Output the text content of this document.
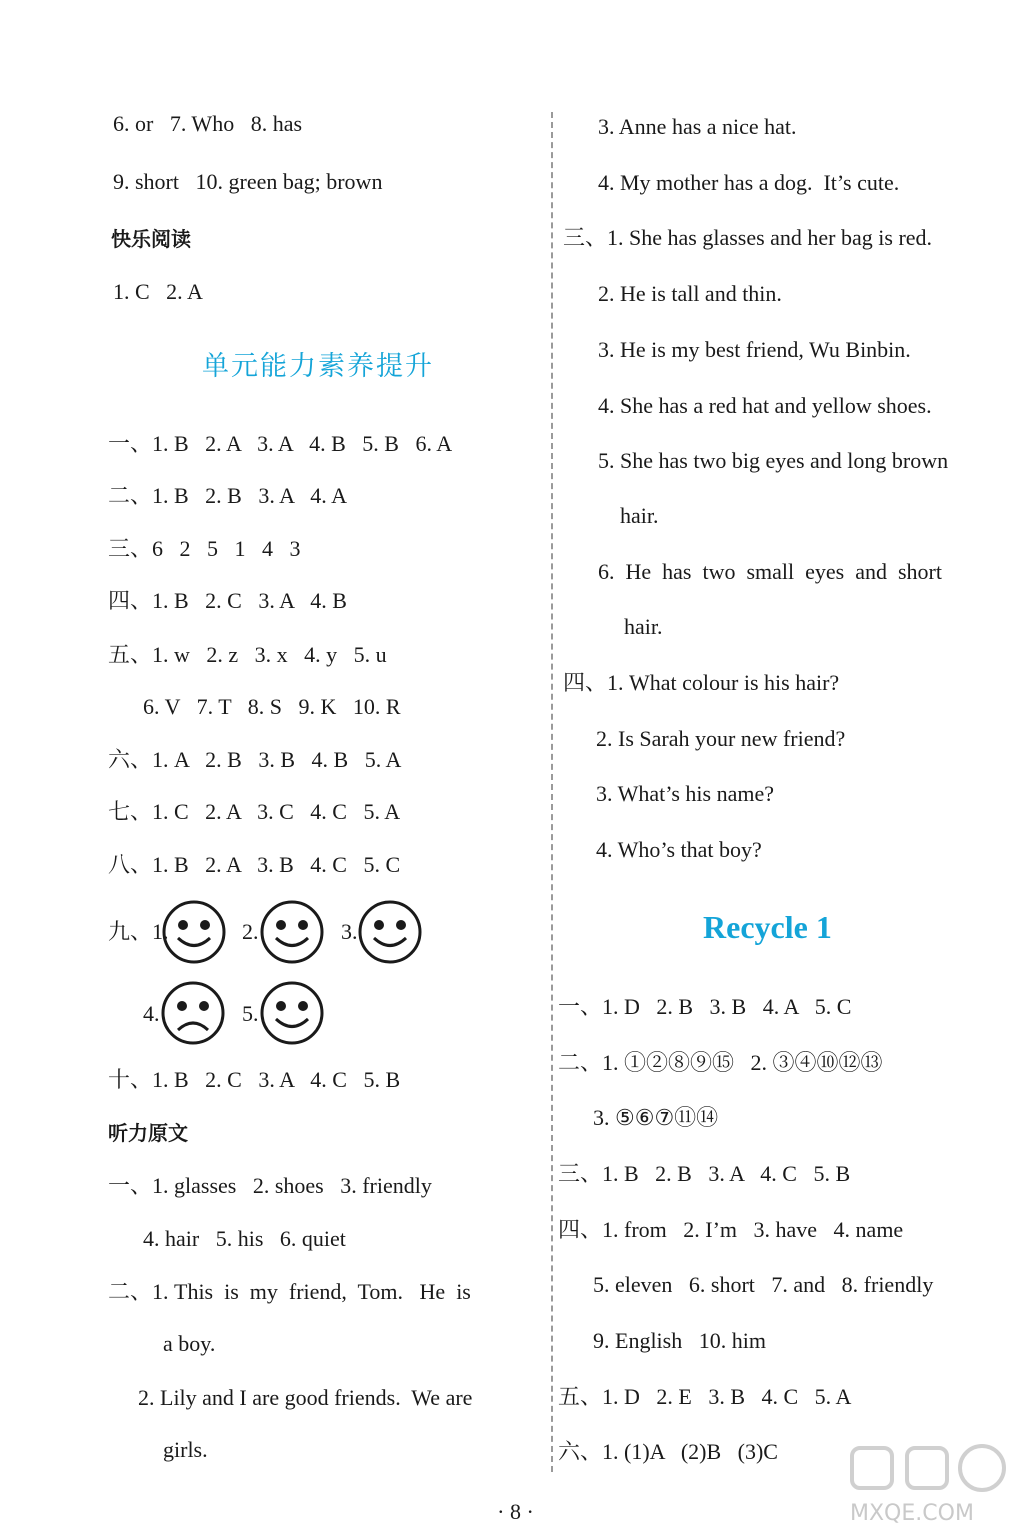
6. or   7. Who   8. has
9. short   10. green bag; brown
快乐阅读
1. C   2. A
单元能力素养提升
一、1. B   2. A   3. A   4. B   5. B   6. A
二、1. B   2. B   3. A   4. A
三、6   2   5   1   4   3
四、1. B   2. C   3. A   4. B
五、1. w   2. z   3. x   4. y   5. u
6. V   7. T   8. S   9. K   10. R
六、1. A   2. B   3. B   4. B   5. A
七、1. C   2. A   3. C   4. C   5. A
八、1. B   2. A   3. B   4. C   5. C
九、1.	2.	3.
4.	5.
十、1. B   2. C   3. A   4. C   5. B
听力原文
一、1. glasses   2. shoes   3. friendly
4. hair   5. his   6. quiet
二、1. This  is  my  friend,  Tom.   He  is
a boy.
2. Lily and I are good friends.  We are
girls.
3. Anne has a nice hat.
4. My mother has a dog.  It’s cute.
三、1. She has glasses and her bag is red.
2. He is tall and thin.
3. He is my best friend, Wu Binbin.
4. She has a red hat and yellow shoes.
5. She has two big eyes and long brown
hair.
6.  He  has  two  small  eyes  and  short
hair.
四、1. What colour is his hair?
2. Is Sarah your new friend?
3. What’s his name?
4. Who’s that boy?
Recycle 1
一、1. D   2. B   3. B   4. A   5. C
二、1. ①②⑧⑨⑮   2. ③④⑩⑫⑬
3. ⑤⑥⑦⑪⑭
三、1. B   2. B   3. A   4. C   5. B
四、1. from   2. I’m   3. have   4. name
5. eleven   6. short   7. and   8. friendly
9. English   10. him
五、1. D   2. E   3. B   4. C   5. A
六、1. (1)A   (2)B   (3)C
· 8 ·	MXQE.COM
